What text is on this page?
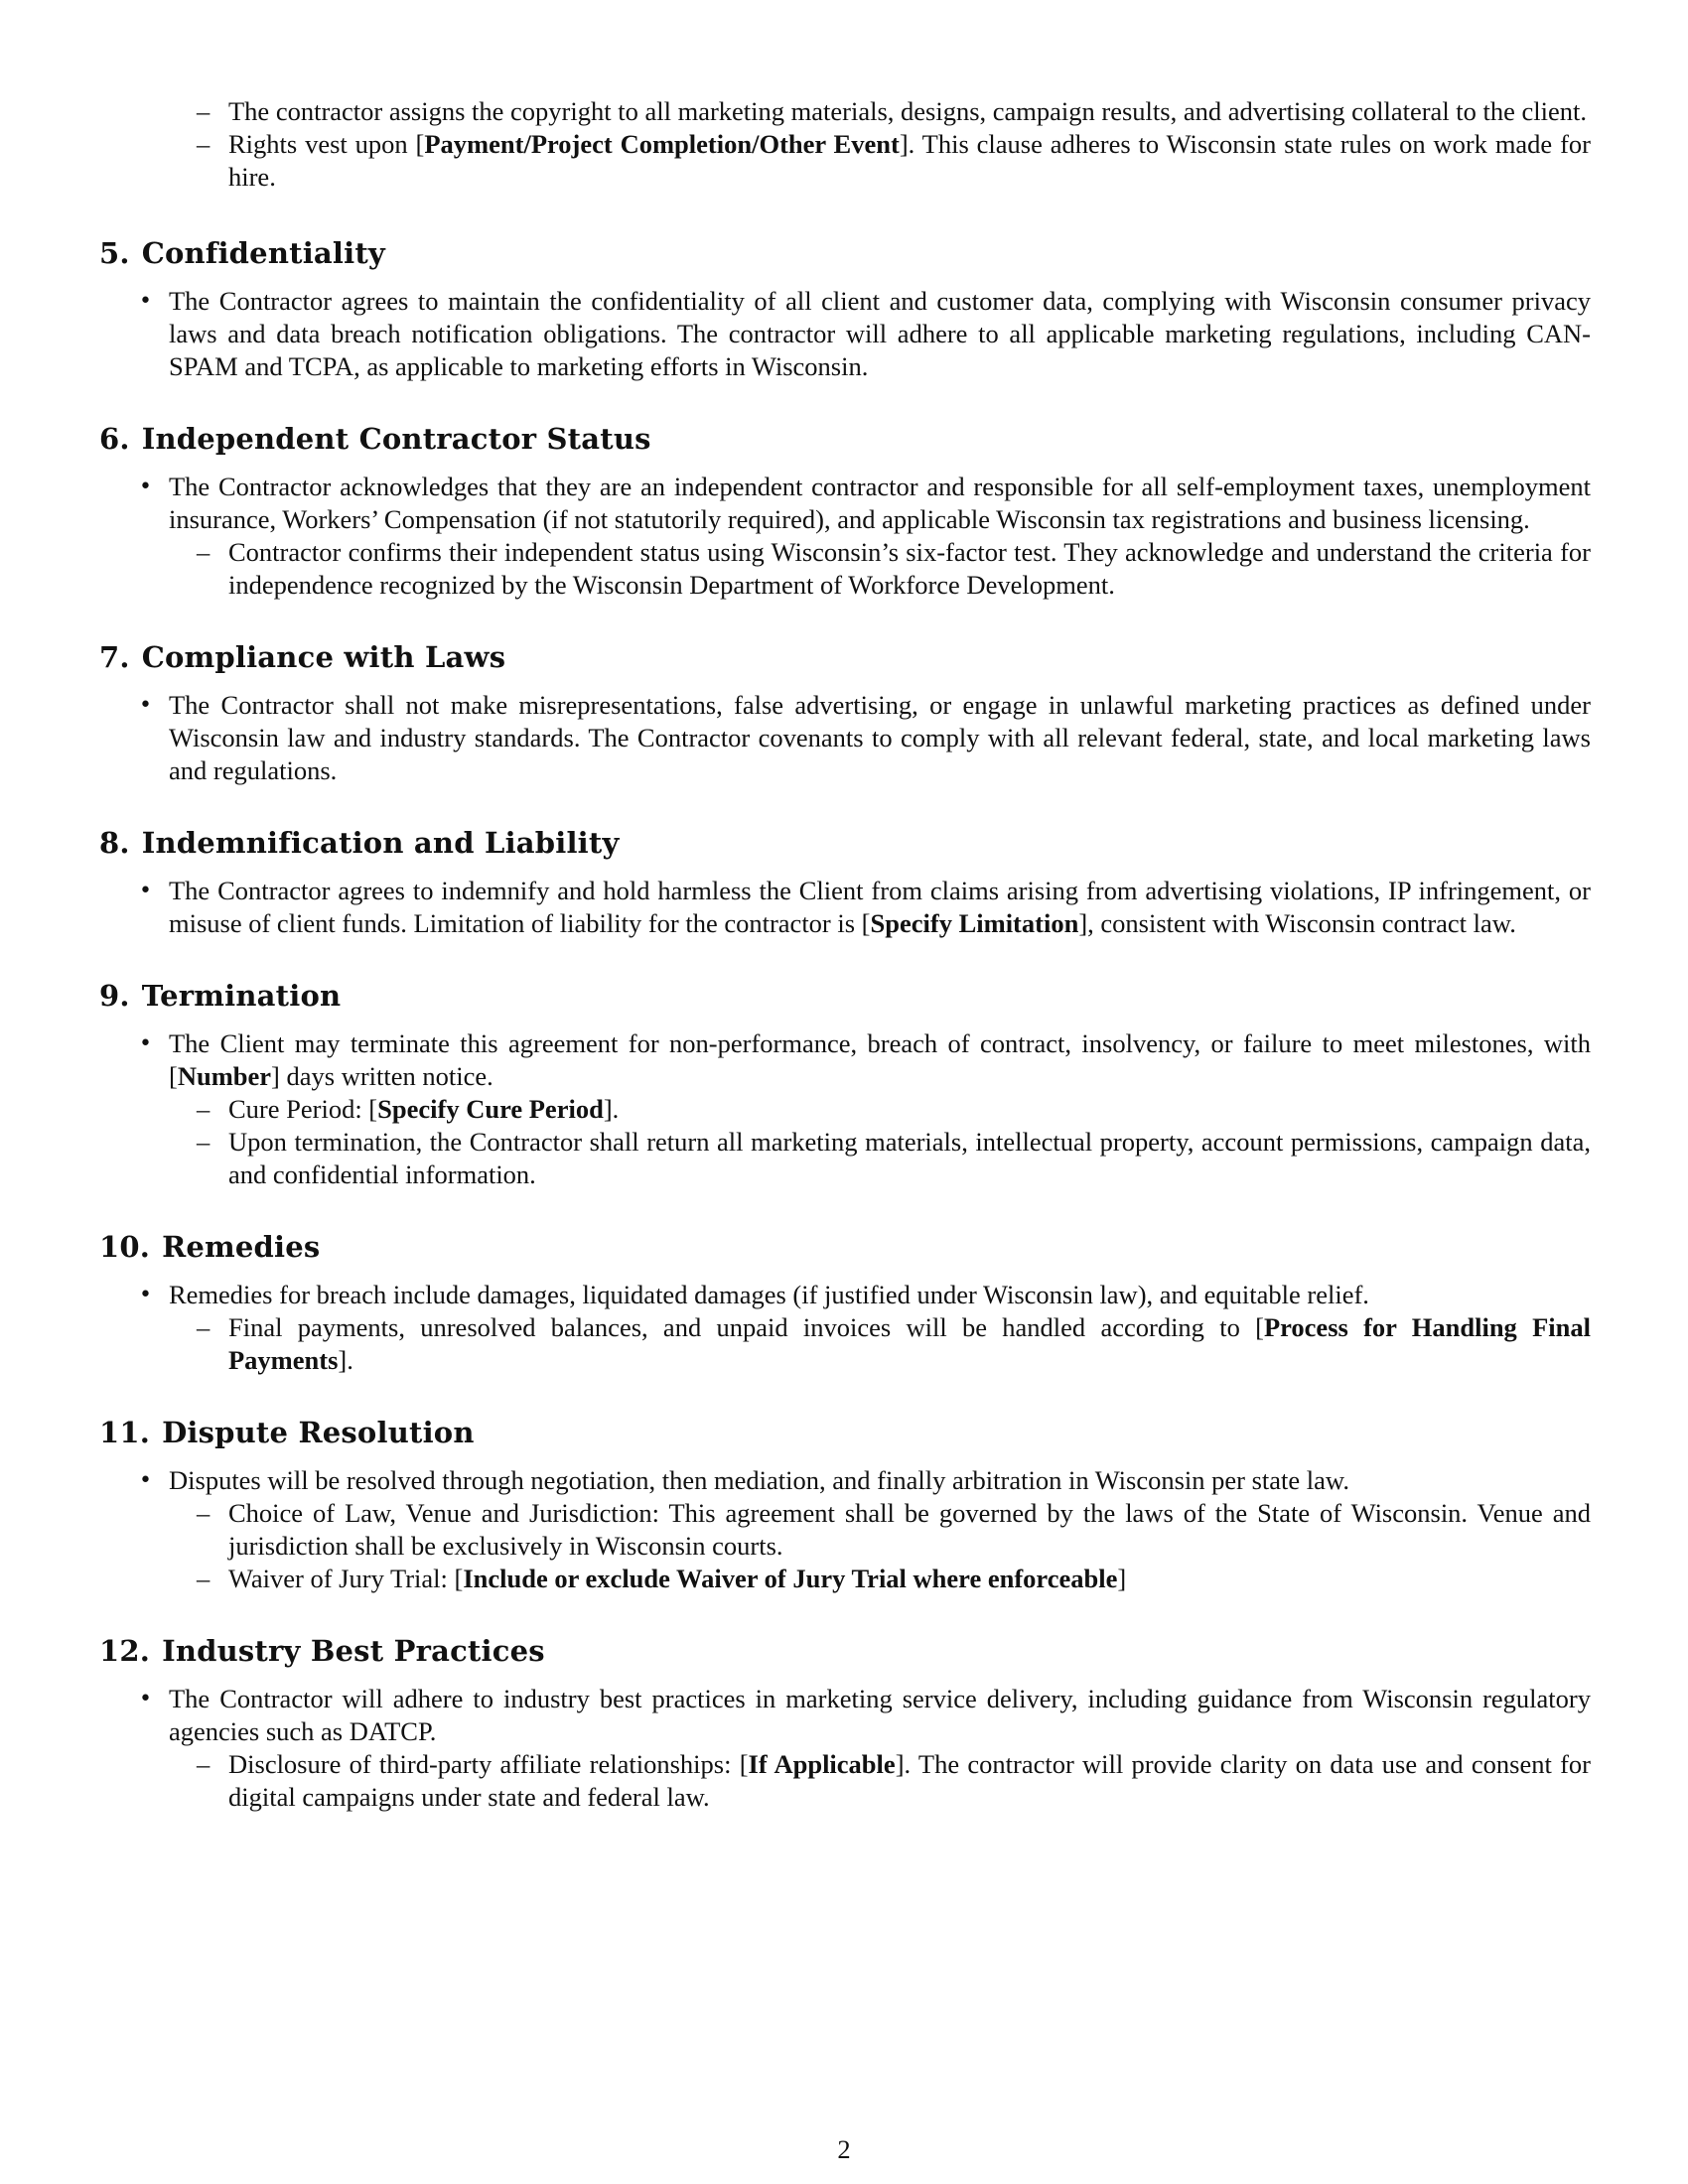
– The contractor assigns the copyright to all marketing materials, designs, campaign results, and advertising collateral to the client.
– Rights vest upon [Payment/Project Completion/Other Event]. This clause adheres to Wisconsin state rules on work made for hire.
5. Confidentiality
• The Contractor agrees to maintain the confidentiality of all client and customer data, complying with Wisconsin consumer privacy laws and data breach notification obligations. The contractor will adhere to all applicable marketing regulations, including CAN-SPAM and TCPA, as applicable to marketing efforts in Wisconsin.
6. Independent Contractor Status
• The Contractor acknowledges that they are an independent contractor and responsible for all self-employment taxes, unemployment insurance, Workers’ Compensation (if not statutorily required), and applicable Wisconsin tax registrations and business licensing.
– Contractor confirms their independent status using Wisconsin’s six-factor test. They acknowledge and understand the criteria for independence recognized by the Wisconsin Department of Workforce Development.
7. Compliance with Laws
• The Contractor shall not make misrepresentations, false advertising, or engage in unlawful marketing practices as defined under Wisconsin law and industry standards. The Contractor covenants to comply with all relevant federal, state, and local marketing laws and regulations.
8. Indemnification and Liability
• The Contractor agrees to indemnify and hold harmless the Client from claims arising from advertising violations, IP infringement, or misuse of client funds. Limitation of liability for the contractor is [Specify Limitation], consistent with Wisconsin contract law.
9. Termination
• The Client may terminate this agreement for non-performance, breach of contract, insolvency, or failure to meet milestones, with [Number] days written notice.
– Cure Period: [Specify Cure Period].
– Upon termination, the Contractor shall return all marketing materials, intellectual property, account permissions, campaign data, and confidential information.
10. Remedies
• Remedies for breach include damages, liquidated damages (if justified under Wisconsin law), and equitable relief.
– Final payments, unresolved balances, and unpaid invoices will be handled according to [Process for Handling Final Payments].
11. Dispute Resolution
• Disputes will be resolved through negotiation, then mediation, and finally arbitration in Wisconsin per state law.
– Choice of Law, Venue and Jurisdiction: This agreement shall be governed by the laws of the State of Wisconsin. Venue and jurisdiction shall be exclusively in Wisconsin courts.
– Waiver of Jury Trial: [Include or exclude Waiver of Jury Trial where enforceable]
12. Industry Best Practices
• The Contractor will adhere to industry best practices in marketing service delivery, including guidance from Wisconsin regulatory agencies such as DATCP.
– Disclosure of third-party affiliate relationships: [If Applicable]. The contractor will provide clarity on data use and consent for digital campaigns under state and federal law.
2
